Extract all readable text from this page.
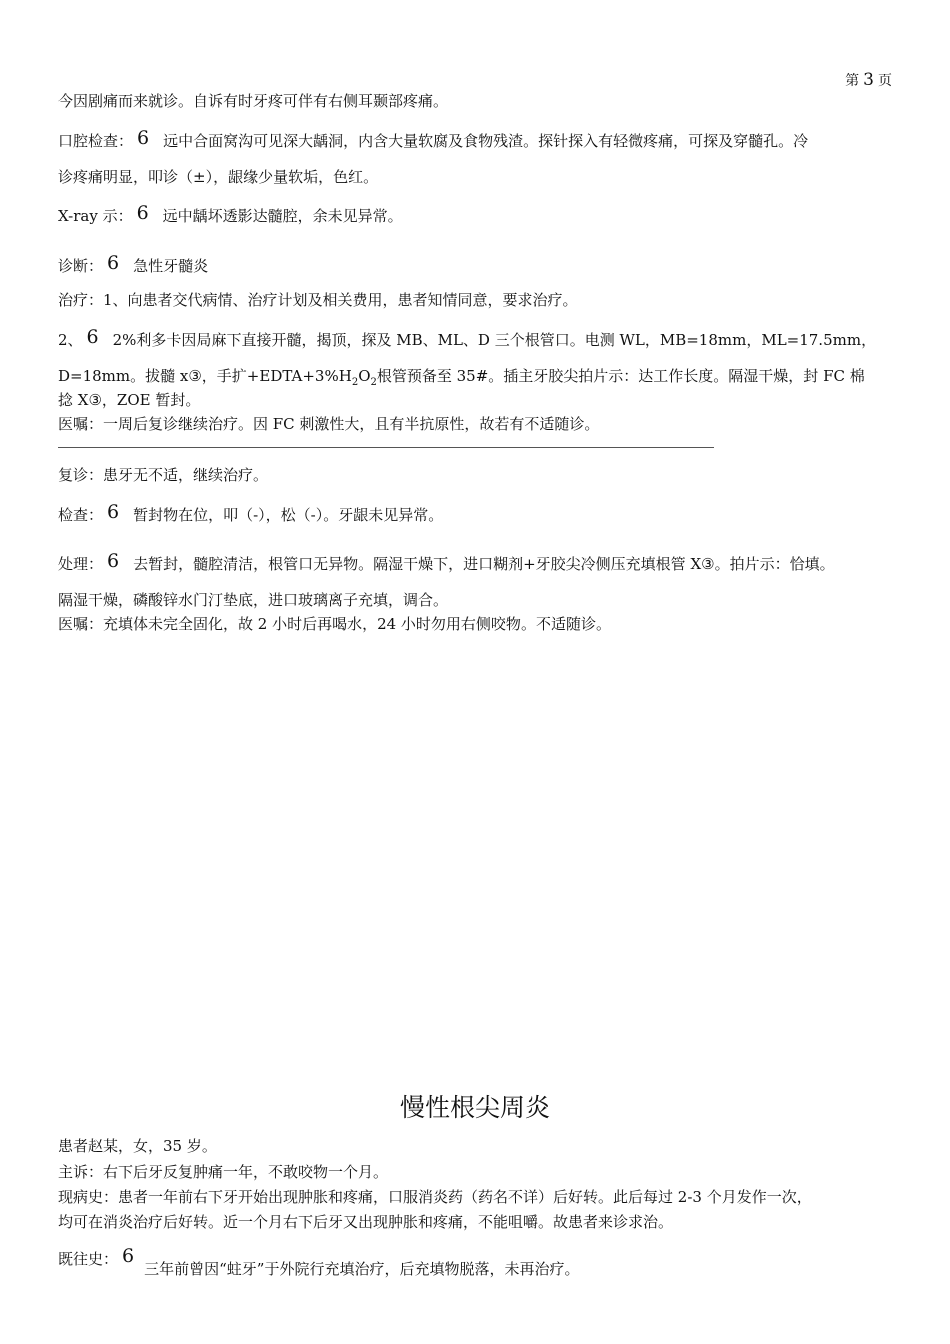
第 3 页
今因剧痛而来就诊。自诉有时牙疼可伴有右侧耳颞部疼痛。
口腔检查： 6 远中合面窝沟可见深大龋洞，内含大量软腐及食物残渣。探针探入有轻微疼痛，可探及穿髓孔。冷
诊疼痛明显，叩诊（±），龈缘少量软垢，色红。
X-ray 示： 6 远中龋坏透影达髓腔，余未见异常。
诊断： 6 急性牙髓炎
治疗：1、向患者交代病情、治疗计划及相关费用，患者知情同意，要求治疗。
2、 6 2%利多卡因局麻下直接开髓，揭顶，探及 MB、ML、D 三个根管口。电测 WL，MB=18mm，ML=17.5mm，
D=18mm。拔髓 x③，手扩$+EDTA+3\%H_2O_2$根管预备至 35#。插主牙胶尖拍片示：达工作长度。隔湿干燥，封 FC 棉
捻 X③，ZOE 暂封。
医嘱：一周后复诊继续治疗。因 FC 刺激性大，且有半抗原性，故若有不适随诊。
复诊：患牙无不适，继续治疗。
检查： 6 暂封物在位，叩（-），松（-）。牙龈未见异常。
处理： 6 去暂封，髓腔清洁，根管口无异物。隔湿干燥下，进口糊剂+牙胶尖冷侧压充填根管 X③。拍片示：恰填。
隔湿干燥，磷酸锌水门汀垫底，进口玻璃离子充填，调合。
医嘱：充填体未完全固化，故 2 小时后再喝水，24 小时勿用右侧咬物。不适随诊。
慢性根尖周炎
患者赵某，女，35 岁。
主诉：右下后牙反复肿痛一年，不敢咬物一个月。
现病史：患者一年前右下牙开始出现肿胀和疼痛，口服消炎药（药名不详）后好转。此后每过 2-3 个月发作一次，
均可在消炎治疗后好转。近一个月右下后牙又出现肿胀和疼痛，不能咀嚼。故患者来诊求治。
既往史： 6三年前曾因“蛀牙”于外院行充填治疗，后充填物脱落，未再治疗。
